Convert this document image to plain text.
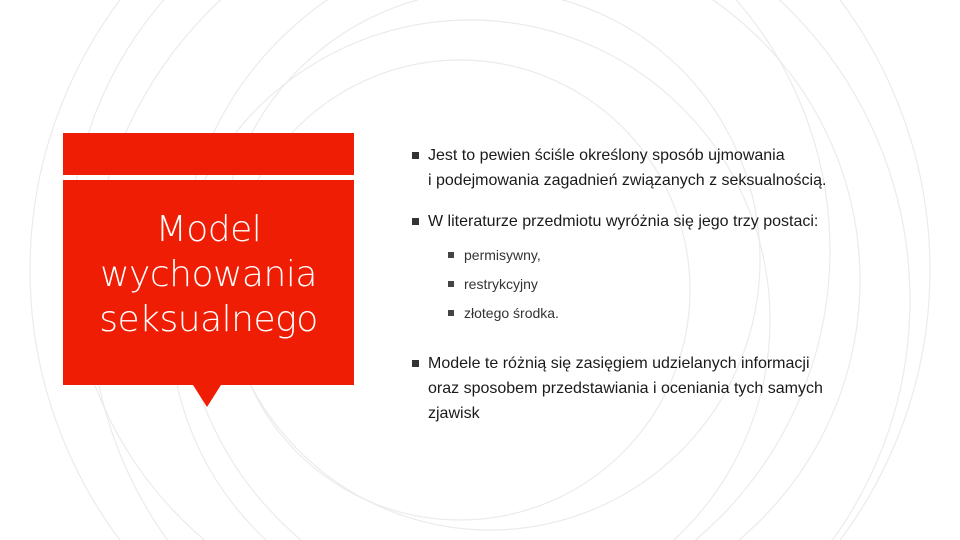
Model
wychowania
seksualnego
Jest to pewien ściśle określony sposób ujmowania
i podejmowania zagadnień związanych z seksualnością.
W literaturze przedmiotu wyróżnia się jego trzy postaci:
permisywny,
restrykcyjny
złotego środka.
Modele te różnią się zasięgiem udzielanych informacji
oraz sposobem przedstawiania i oceniania tych samych
zjawisk
